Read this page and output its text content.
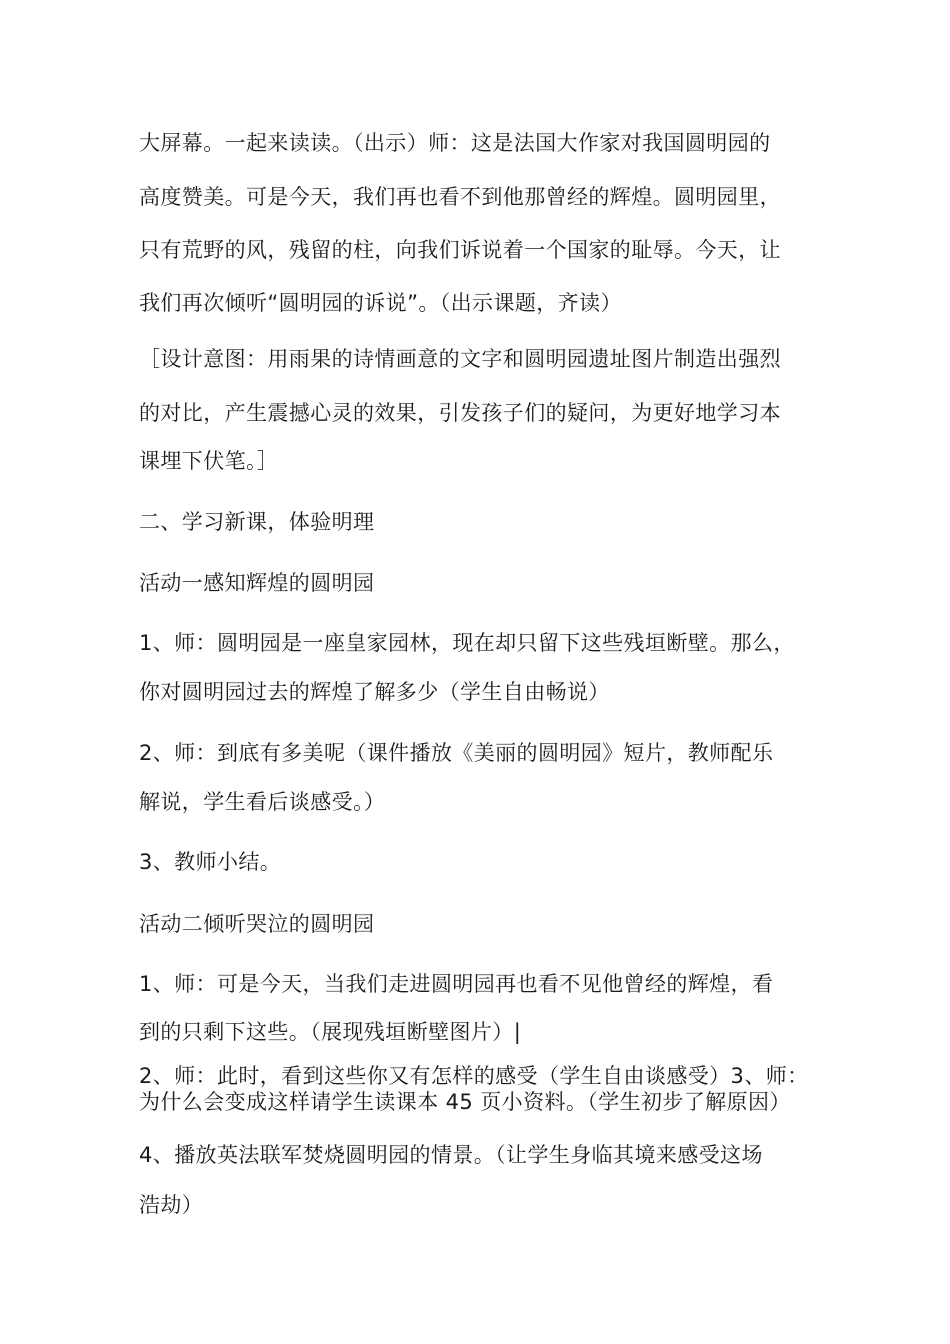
大屏幕。一起来读读。（出示）师：这是法国大作家对我国圆明园的
高度赞美。可是今天，我们再也看不到他那曾经的辉煌。圆明园里，
只有荒野的风，残留的柱，向我们诉说着一个国家的耻辱。今天，让
我们再次倾听“圆明园的诉说”。（出示课题，齐读）
［设计意图：用雨果的诗情画意的文字和圆明园遗址图片制造出强烈
的对比，产生震撼心灵的效果，引发孩子们的疑问，为更好地学习本
课埋下伏笔。］
二、学习新课，体验明理
活动一感知辉煌的圆明园
1、师：圆明园是一座皇家园林，现在却只留下这些残垣断壁。那么，
你对圆明园过去的辉煌了解多少（学生自由畅说）
2、师：到底有多美呢（课件播放《美丽的圆明园》短片，教师配乐
解说，学生看后谈感受。）
3、教师小结。
活动二倾听哭泣的圆明园
1、师：可是今天，当我们走进圆明园再也看不见他曾经的辉煌，看
到的只剩下这些。（展现残垣断壁图片）|
2、师：此时，看到这些你又有怎样的感受（学生自由谈感受）3、师：
为什么会变成这样请学生读课本 45 页小资料。（学生初步了解原因）
4、播放英法联军焚烧圆明园的情景。（让学生身临其境来感受这场
浩劫）
